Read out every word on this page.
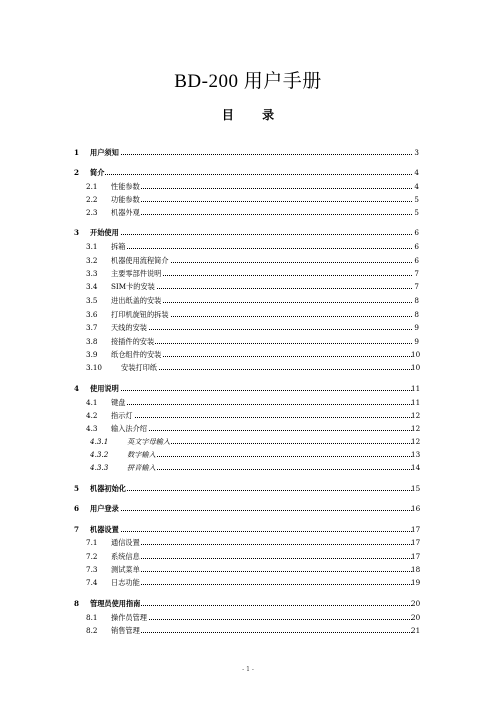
BD-200 用户手册
目 录
1 用户须知	3
2 简介	4
2.1 性能参数	4
2.2 功能参数	5
2.3 机器外观	5
3 开始使用	6
3.1 拆箱	6
3.2 机器使用流程简介	6
3.3 主要零部件说明	7
3.4 SIM卡的安装	7
3.5 进出纸盖的安装	8
3.6 打印机旋钮的拆装	8
3.7 天线的安装	9
3.8 接插件的安装	9
3.9 纸仓组件的安装	10
3.10	安装打印纸	10
4 使用说明	11
4.1 键盘	11
4.2 指示灯	12
4.3 输入法介绍	12
4.3.1	英文字母输入	12
4.3.2	数字输入	13
4.3.3	拼音输入	14
5 机器初始化	15
6 用户登录	16
7 机器设置	17
7.1 通信设置	17
7.2 系统信息	17
7.3 测试菜单	18
7.4 日志功能	19
8 管理员使用指南	20
8.1 操作员管理	20
8.2 销售管理	21
- 1 -
